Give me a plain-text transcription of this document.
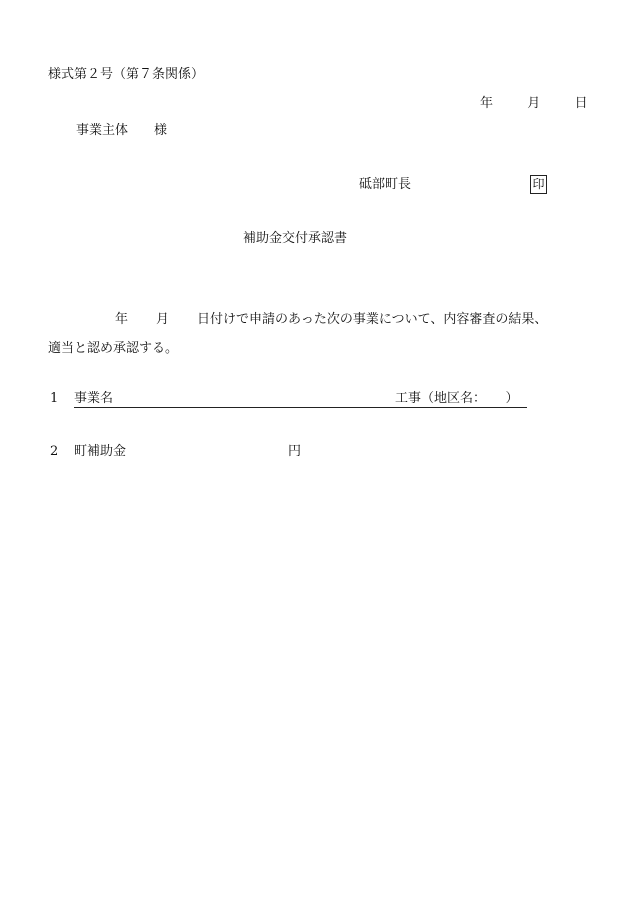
様式第２号（第７条関係）
年	月	日
事業主体 様
砥部町長	印
補助金交付承認書
年 月 日付けで申請のあった次の事業について、内容審査の結果、
適当と認め承認する。
1 事業名	工事（地区名：　　）
2 町補助金	円
